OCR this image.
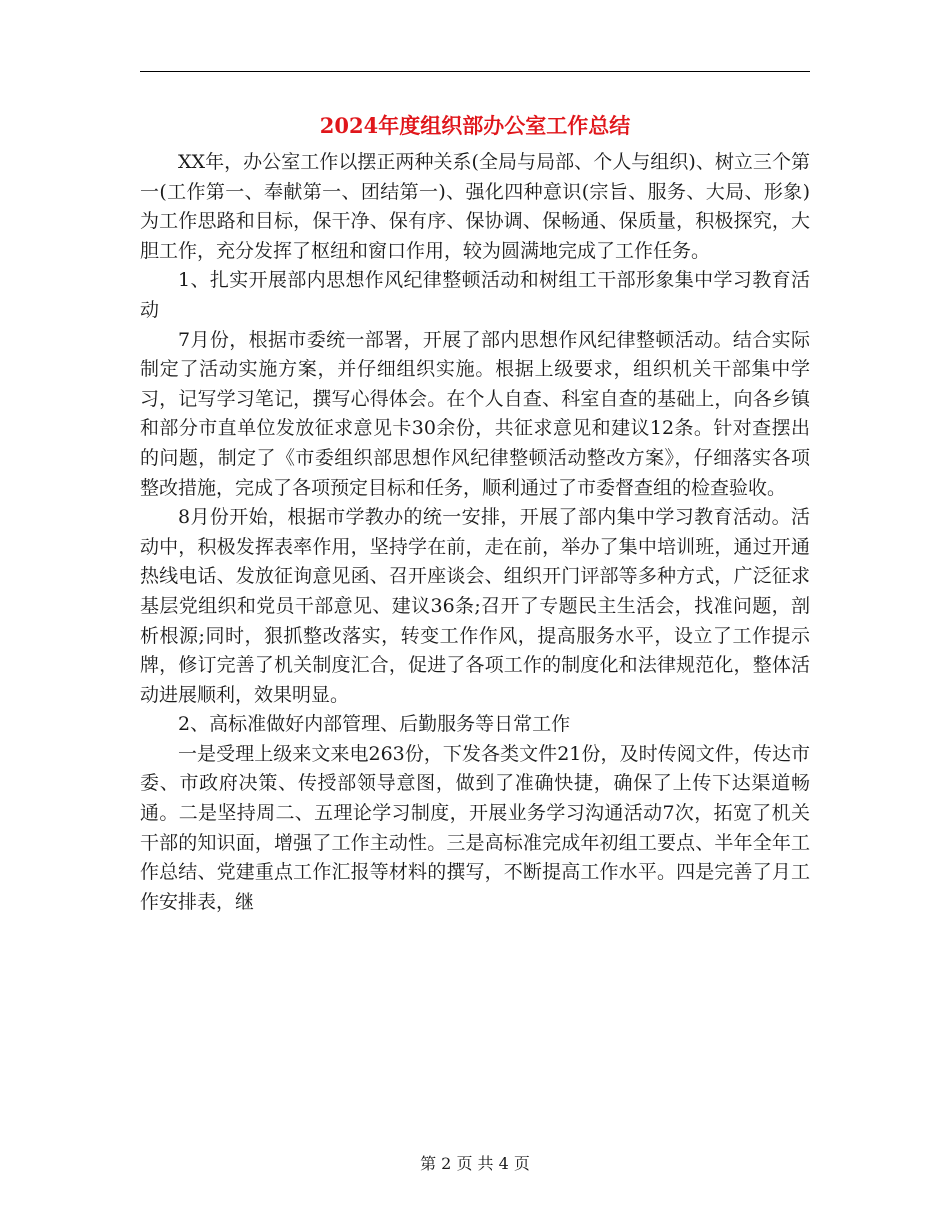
2024年度组织部办公室工作总结

XX年，办公室工作以摆正两种关系(全局与局部、个人与组织)、树立三个第一(工作第一、奉献第一、团结第一)、强化四种意识(宗旨、服务、大局、形象)为工作思路和目标，保干净、保有序、保协调、保畅通、保质量，积极探究，大胆工作，充分发挥了枢纽和窗口作用，较为圆满地完成了工作任务。

1、扎实开展部内思想作风纪律整顿活动和树组工干部形象集中学习教育活动

7月份，根据市委统一部署，开展了部内思想作风纪律整顿活动。结合实际制定了活动实施方案，并仔细组织实施。根据上级要求，组织机关干部集中学习，记写学习笔记，撰写心得体会。在个人自查、科室自查的基础上，向各乡镇和部分市直单位发放征求意见卡30余份，共征求意见和建议12条。针对查摆出的问题，制定了《市委组织部思想作风纪律整顿活动整改方案》，仔细落实各项整改措施，完成了各项预定目标和任务，顺利通过了市委督查组的检查验收。

8月份开始，根据市学教办的统一安排，开展了部内集中学习教育活动。活动中，积极发挥表率作用，坚持学在前，走在前，举办了集中培训班，通过开通热线电话、发放征询意见函、召开座谈会、组织开门评部等多种方式，广泛征求基层党组织和党员干部意见、建议36条;召开了专题民主生活会，找准问题，剖析根源;同时，狠抓整改落实，转变工作作风，提高服务水平，设立了工作提示牌，修订完善了机关制度汇合，促进了各项工作的制度化和法律规范化，整体活动进展顺利，效果明显。

2、高标准做好内部管理、后勤服务等日常工作

一是受理上级来文来电263份，下发各类文件21份，及时传阅文件，传达市委、市政府决策、传授部领导意图，做到了准确快捷，确保了上传下达渠道畅通。二是坚持周二、五理论学习制度，开展业务学习沟通活动7次，拓宽了机关干部的知识面，增强了工作主动性。三是高标准完成年初组工要点、半年全年工作总结、党建重点工作汇报等材料的撰写，不断提高工作水平。四是完善了月工作安排表，继

第 2 页 共 4 页
